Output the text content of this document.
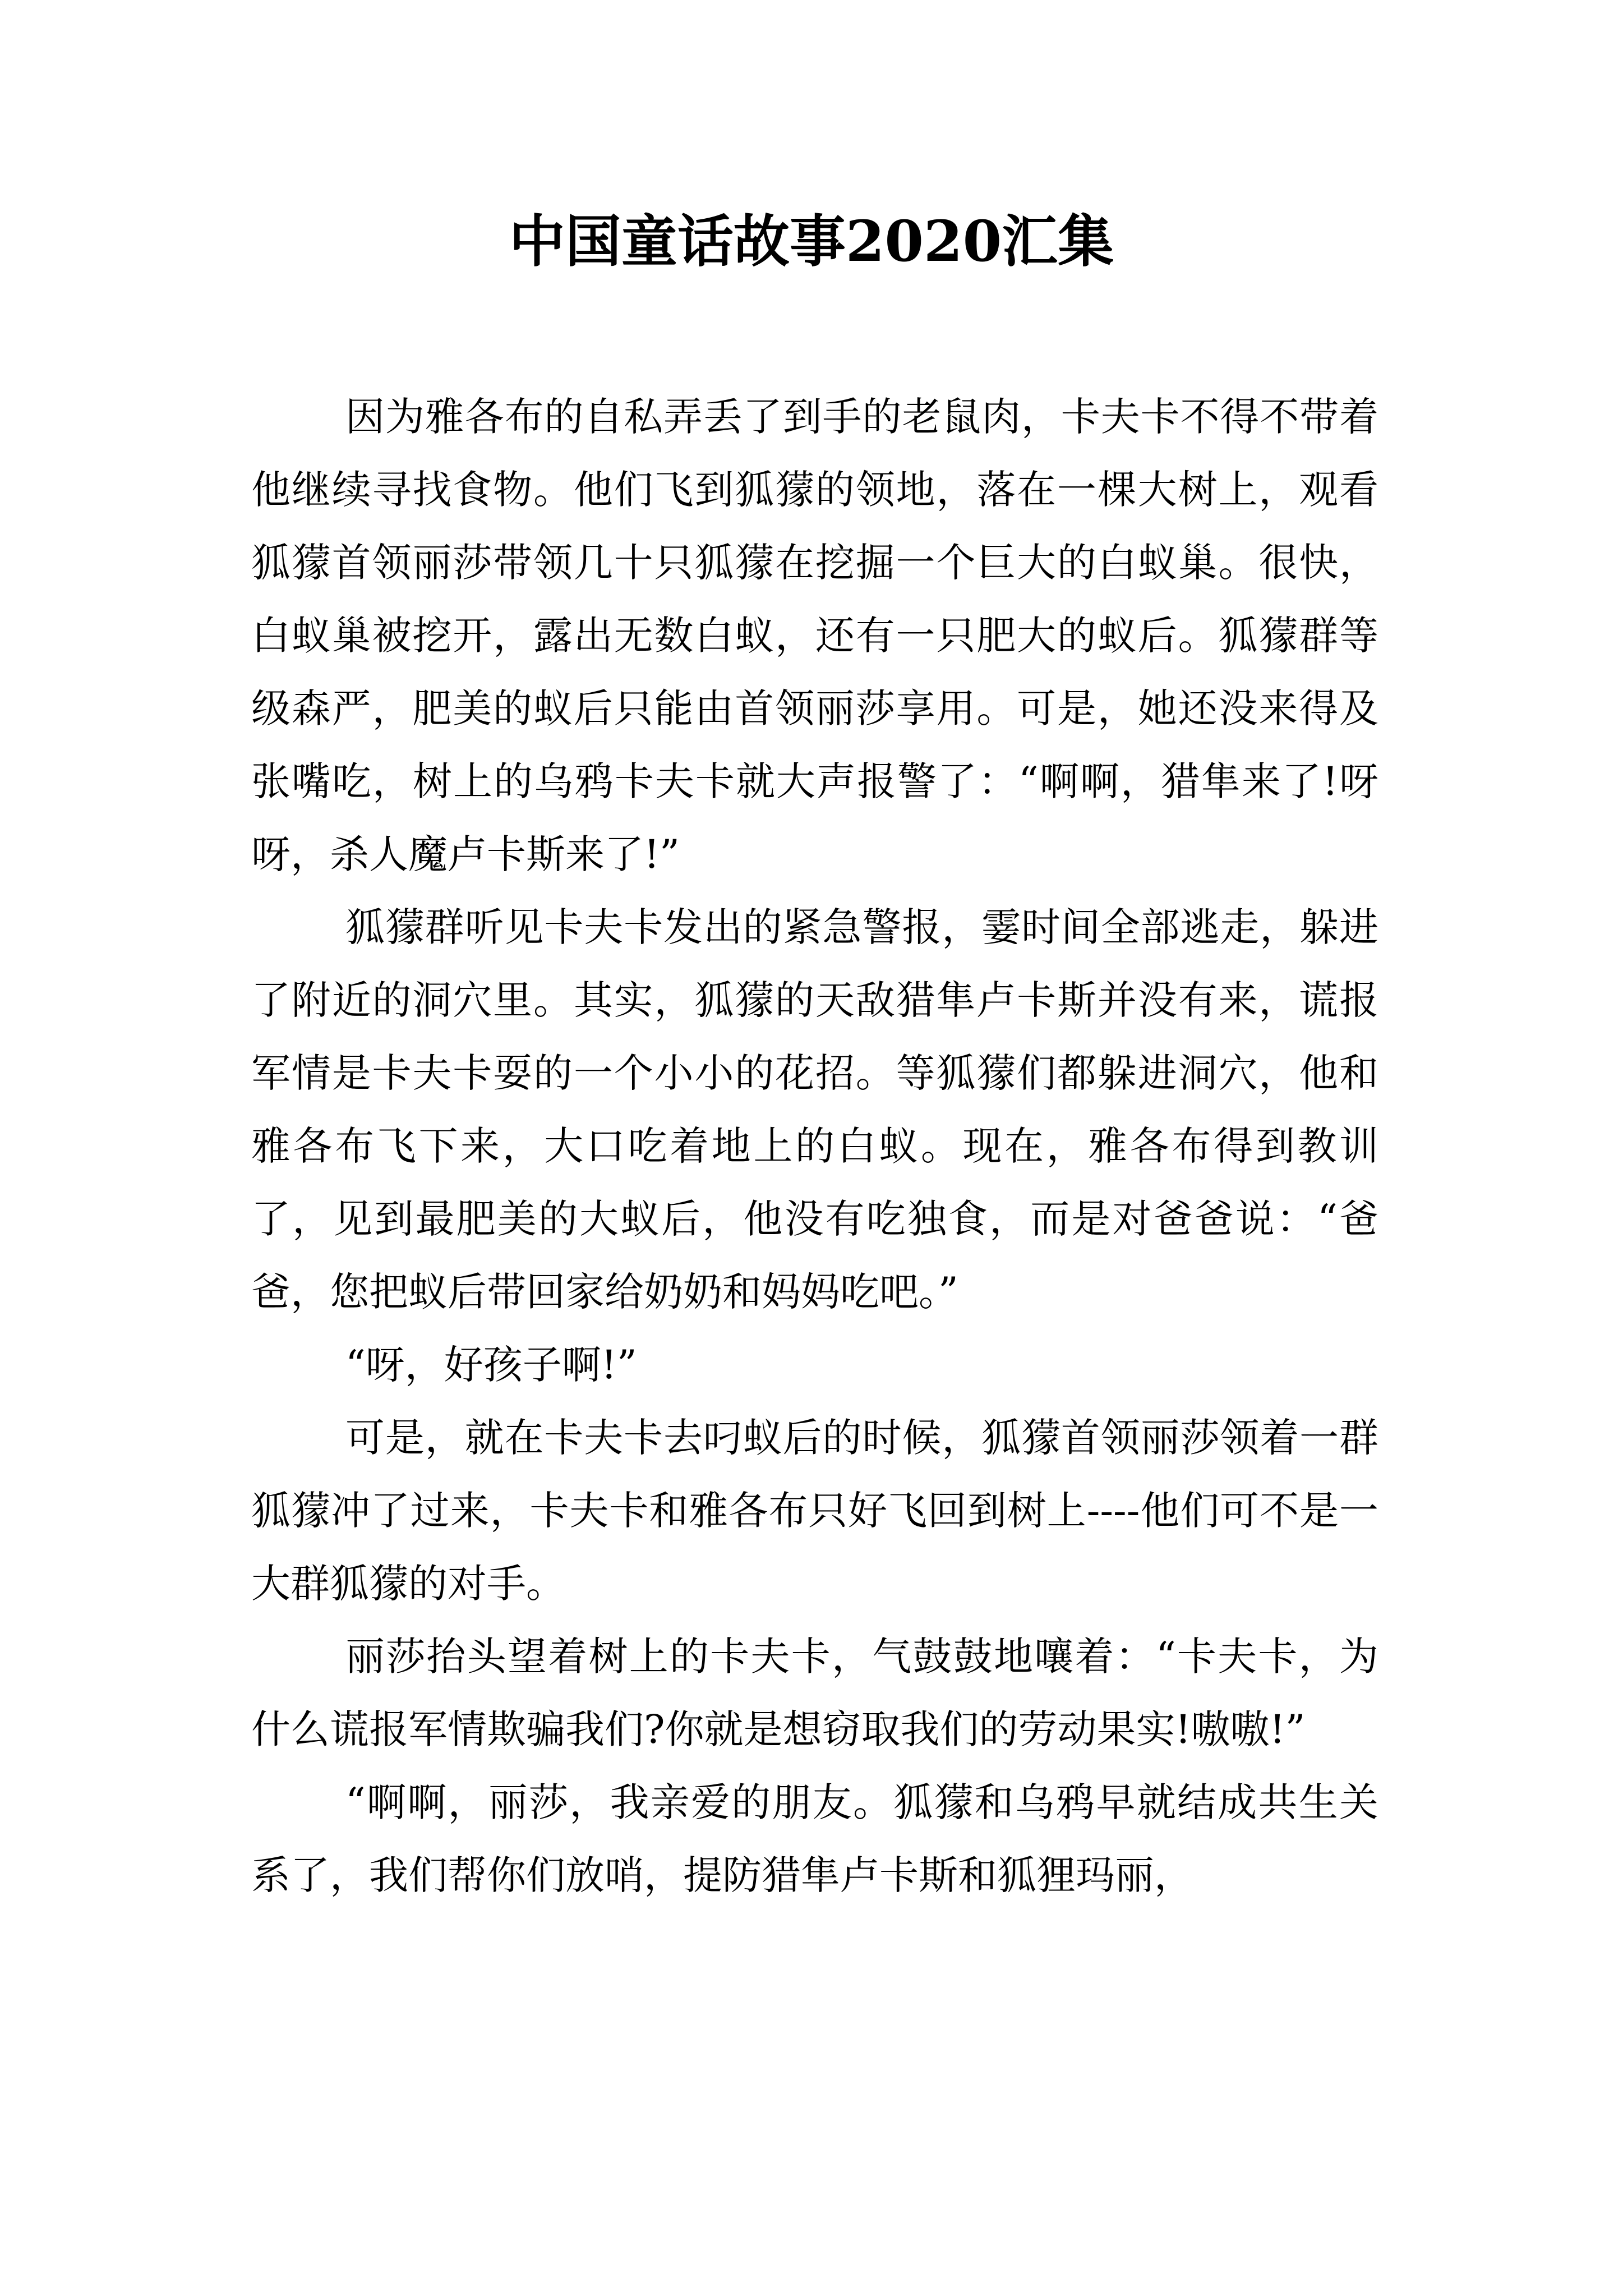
中国童话故事2020汇集

因为雅各布的自私弄丢了到手的老鼠肉，卡夫卡不得不带着他继续寻找食物。他们飞到狐獴的领地，落在一棵大树上，观看狐獴首领丽莎带领几十只狐獴在挖掘一个巨大的白蚁巢。很快，白蚁巢被挖开，露出无数白蚁，还有一只肥大的蚁后。狐獴群等级森严，肥美的蚁后只能由首领丽莎享用。可是，她还没来得及张嘴吃，树上的乌鸦卡夫卡就大声报警了：“啊啊，猎隼来了!呀呀，杀人魔卢卡斯来了!”

狐獴群听见卡夫卡发出的紧急警报，霎时间全部逃走，躲进了附近的洞穴里。其实，狐獴的天敌猎隼卢卡斯并没有来，谎报军情是卡夫卡耍的一个小小的花招。等狐獴们都躲进洞穴，他和雅各布飞下来，大口吃着地上的白蚁。现在，雅各布得到教训了，见到最肥美的大蚁后，他没有吃独食，而是对爸爸说：“爸爸，您把蚁后带回家给奶奶和妈妈吃吧。”

“呀，好孩子啊!”

可是，就在卡夫卡去叼蚁后的时候，狐獴首领丽莎领着一群狐獴冲了过来，卡夫卡和雅各布只好飞回到树上----他们可不是一大群狐獴的对手。

丽莎抬头望着树上的卡夫卡，气鼓鼓地嚷着：“卡夫卡，为什么谎报军情欺骗我们?你就是想窃取我们的劳动果实!嗷嗷!”

“啊啊，丽莎，我亲爱的朋友。狐獴和乌鸦早就结成共生关系了，我们帮你们放哨，提防猎隼卢卡斯和狐狸玛丽，
